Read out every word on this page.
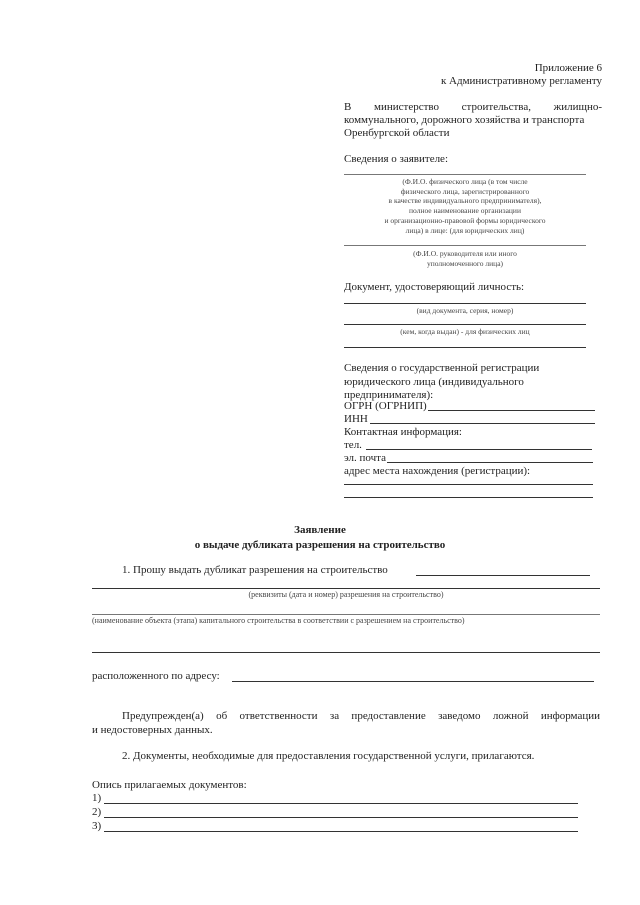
Приложение 6
к Административному регламенту
В министерство строительства, жилищно-
коммунального, дорожного хозяйства и транспорта
Оренбургской области
Сведения о заявителе:
(Ф.И.О. физического лица (в том числе
физического лица, зарегистрированного
в качестве индивидуального предпринимателя),
полное наименование организации
и организационно-правовой формы юридического
лица) в лице: (для юридических лиц)
(Ф.И.О. руководителя или иного
уполномоченного лица)
Документ, удостоверяющий личность:
(вид документа, серия, номер)
(кем, когда выдан) - для физических лиц
Сведения о государственной регистрации
юридического лица (индивидуального
предпринимателя):
ОГРН (ОГРНИП)
ИНН
Контактная информация:
тел.
эл. почта
адрес места нахождения (регистрации):
Заявление
о выдаче дубликата разрешения на строительство
1. Прошу выдать дубликат разрешения на строительство
(реквизиты (дата и номер) разрешения на строительство)
(наименование объекта (этапа) капитального строительства в соответствии с разрешением на строительство)
расположенного по адресу:
Предупрежден(а) об ответственности за предоставление заведомо ложной информации
и недостоверных данных.
2. Документы, необходимые для предоставления государственной услуги, прилагаются.
Опись прилагаемых документов:
1)
2)
3)
